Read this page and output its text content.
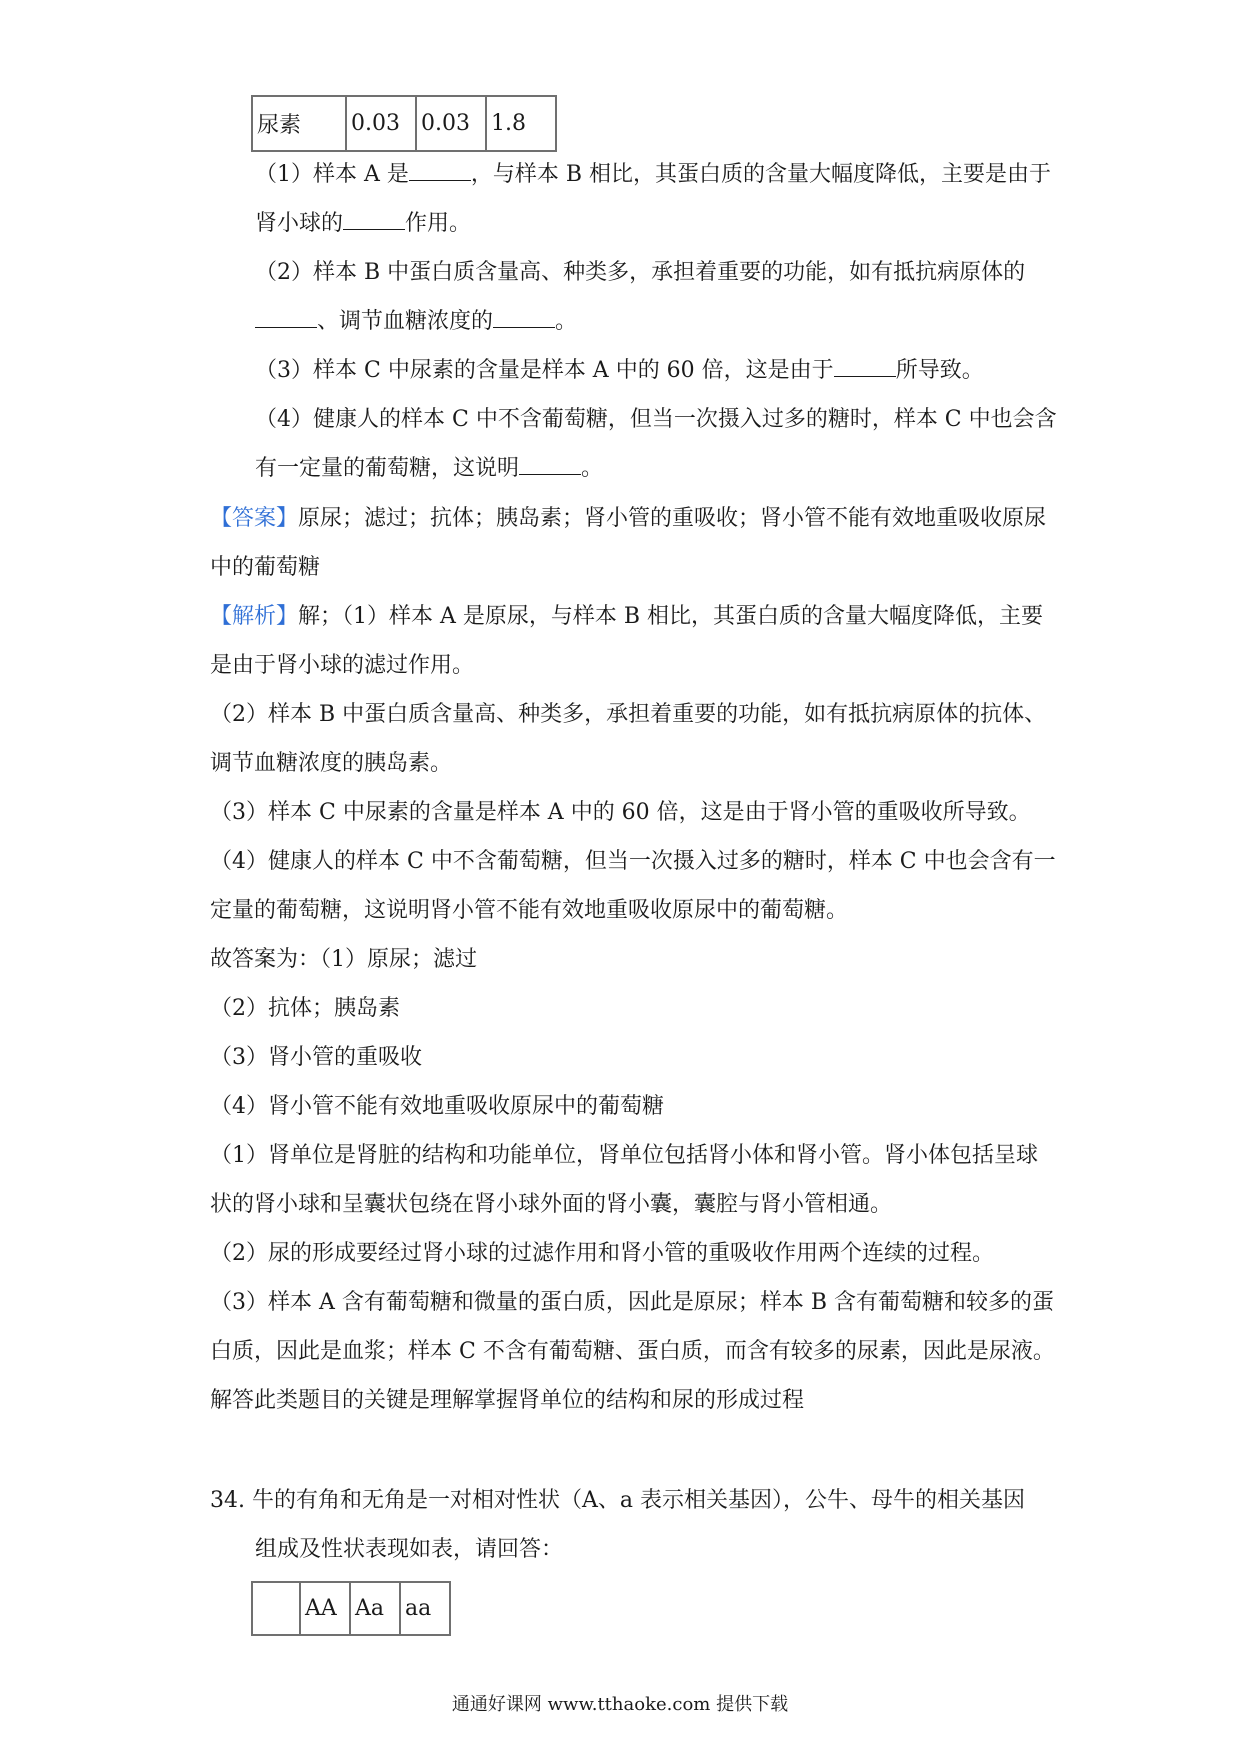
尿素	0.03	0.03	1.8
（1）样本 A 是	，与样本 B 相比，其蛋白质的含量大幅度降低，主要是由于
肾小球的	作用。
（2）样本 B 中蛋白质含量高、种类多，承担着重要的功能，如有抵抗病原体的
、调节血糖浓度的	。
（3）样本 C 中尿素的含量是样本 A 中的 60 倍，这是由于	所导致。
（4）健康人的样本 C 中不含葡萄糖，但当一次摄入过多的糖时，样本 C 中也会含
有一定量的葡萄糖，这说明	。
【答案】原尿；滤过；抗体；胰岛素；肾小管的重吸收；肾小管不能有效地重吸收原尿
中的葡萄糖
【解析】解；（1）样本 A 是原尿，与样本 B 相比，其蛋白质的含量大幅度降低，主要
是由于肾小球的滤过作用。
（2）样本 B 中蛋白质含量高、种类多，承担着重要的功能，如有抵抗病原体的抗体、
调节血糖浓度的胰岛素。
（3）样本 C 中尿素的含量是样本 A 中的 60 倍，这是由于肾小管的重吸收所导致。
（4）健康人的样本 C 中不含葡萄糖，但当一次摄入过多的糖时，样本 C 中也会含有一
定量的葡萄糖，这说明肾小管不能有效地重吸收原尿中的葡萄糖。
故答案为：（1）原尿；滤过
（2）抗体；胰岛素
（3）肾小管的重吸收
（4）肾小管不能有效地重吸收原尿中的葡萄糖
（1）肾单位是肾脏的结构和功能单位，肾单位包括肾小体和肾小管。肾小体包括呈球
状的肾小球和呈囊状包绕在肾小球外面的肾小囊，囊腔与肾小管相通。
（2）尿的形成要经过肾小球的过滤作用和肾小管的重吸收作用两个连续的过程。
（3）样本 A 含有葡萄糖和微量的蛋白质，因此是原尿；样本 B 含有葡萄糖和较多的蛋
白质，因此是血浆；样本 C 不含有葡萄糖、蛋白质，而含有较多的尿素，因此是尿液。
解答此类题目的关键是理解掌握肾单位的结构和尿的形成过程
34. 牛的有角和无角是一对相对性状（A、a 表示相关基因），公牛、母牛的相关基因
组成及性状表现如表，请回答：
	AA	Aa	aa
通通好课网 www.tthaoke.com 提供下载
